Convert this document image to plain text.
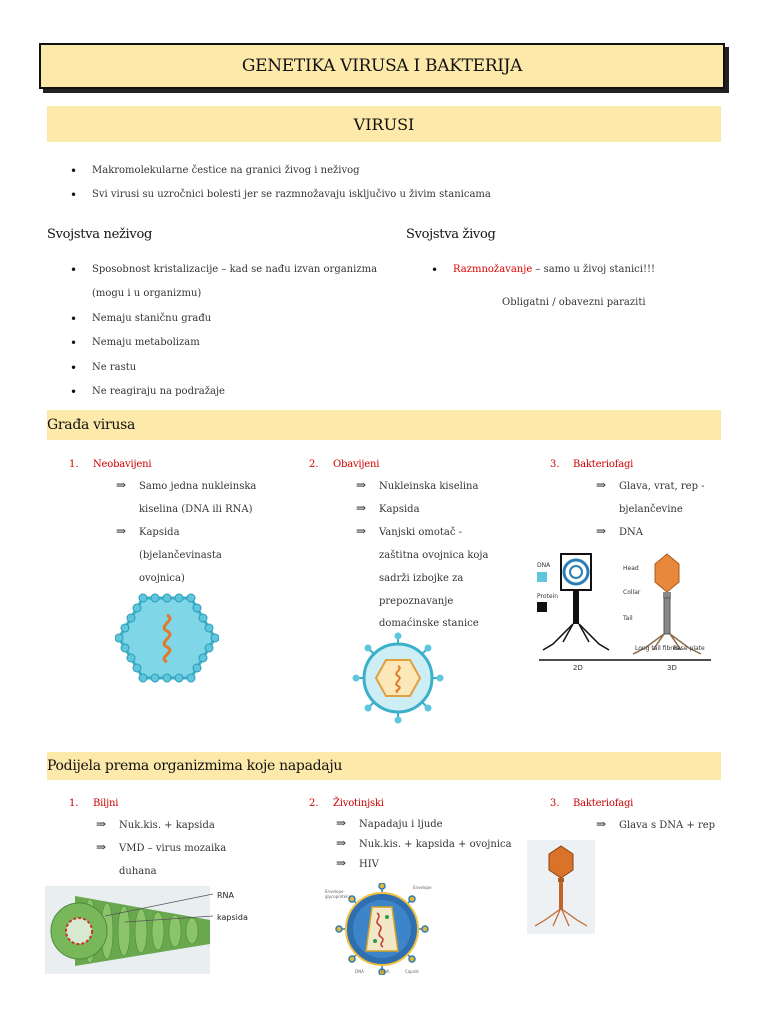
GENETIKA VIRUSA I BAKTERIJA
VIRUSI
• Makromolekularne čestice na granici živog i neživog
• Svi virusi su uzročnici bolesti jer se razmnožavaju isključivo u živim stanicama
Svojstva neživog
• Sposobnost kristalizacije – kad se nađu izvan organizma
(mogu i u organizmu)
• Nemaju staničnu građu
• Nemaju metabolizam
• Ne rastu
• Ne reagiraju na podražaje
Svojstva živog
• Razmnožavanje – samo u živoj stanici!!!
Obligatni / obavezni paraziti
Građa virusa
1. Neobavijeni
⇒ Samo jedna nukleinska
kiselina (DNA ili RNA)
⇒ Kapsida
(bjelančevinasta
ovojnica)
2. Obavijeni
⇒ Nukleinska kiselina
⇒ Kapsida
⇒ Vanjski omotač -
zaštitna ovojnica koja
sadrži izbojke za
prepoznavanje
domaćinske stanice
3. Bakteriofagi
⇒ Glava, vrat, rep -
bjelančevine
⇒ DNA
DNA
Protein
Head
Collar
Tail
Long tail fibres
Base plate
2D	3D
Podijela prema organizmima koje napadaju
1. Biljni
⇒ Nuk.kis. + kapsida
⇒ VMD – virus mozaika
duhana
2. Životinjski
⇒ Napadaju i ljude
⇒ Nuk.kis. + kapsida + ovojnica
⇒ HIV
3. Bakteriofagi
⇒ Glava s DNA + rep
RNA
kapsida
Envelope
glycoprotein
Envelope
DNA	RNA	Capsid
